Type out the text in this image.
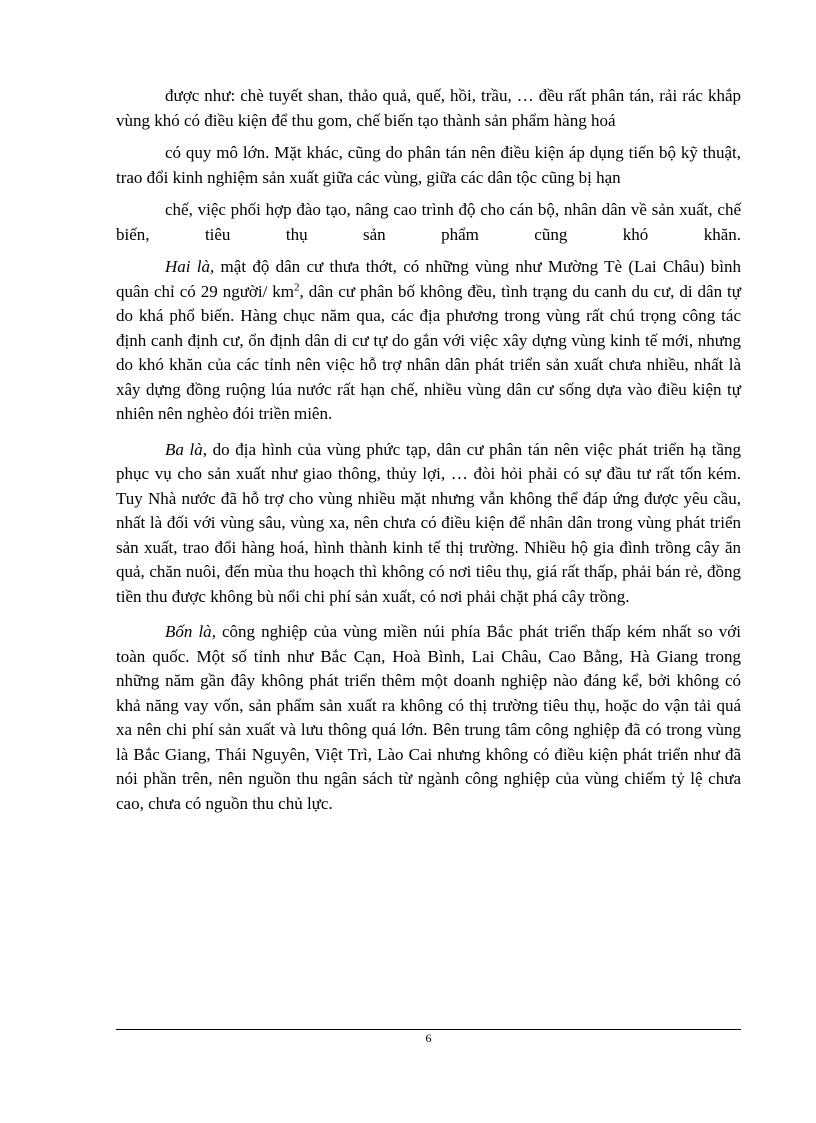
được như: chè tuyết shan, thảo quả, quế, hồi, trầu, … đều rất phân tán, rải rác khắp vùng khó có điều kiện để thu gom, chế biến tạo thành sản phẩm hàng hoá

có quy mô lớn. Mặt khác, cũng do phân tán nên điều kiện áp dụng tiến bộ kỹ thuật, trao đổi kinh nghiệm sản xuất giữa các vùng, giữa các dân tộc cũng bị hạn

chế, việc phối hợp đào tạo, nâng cao trình độ cho cán bộ, nhân dân về sản xuất, chế biến, tiêu thụ sản phẩm cũng khó khăn.

Hai là, mật độ dân cư thưa thớt, có những vùng như Mường Tè (Lai Châu) bình quân chỉ có 29 người/ $km^2$, dân cư phân bố không đều, tình trạng du canh du cư, di dân tự do khá phổ biến. Hàng chục năm qua, các địa phương trong vùng rất chú trọng công tác định canh định cư, ổn định dân di cư tự do gắn với việc xây dựng vùng kinh tế mới, nhưng do khó khăn của các tỉnh nên việc hỗ trợ nhân dân phát triển sản xuất chưa nhiều, nhất là xây dựng đồng ruộng lúa nước rất hạn chế, nhiều vùng dân cư sống dựa vào điều kiện tự nhiên nên nghèo đói triền miên.

Ba là, do địa hình của vùng phức tạp, dân cư phân tán nên việc phát triển hạ tầng phục vụ cho sản xuất như giao thông, thủy lợi, … đòi hỏi phải có sự đầu tư rất tốn kém. Tuy Nhà nước đã hỗ trợ cho vùng nhiều mặt nhưng vẫn không thể đáp ứng được yêu cầu, nhất là đối với vùng sâu, vùng xa, nên chưa có điều kiện để nhân dân trong vùng phát triển sản xuất, trao đổi hàng hoá, hình thành kinh tế thị trường. Nhiều hộ gia đình trồng cây ăn quả, chăn nuôi, đến mùa thu hoạch thì không có nơi tiêu thụ, giá rất thấp, phải bán rẻ, đồng tiền thu được không bù nổi chi phí sản xuất, có nơi phải chặt phá cây trồng.

Bốn là, công nghiệp của vùng miền núi phía Bắc phát triển thấp kém nhất so với toàn quốc. Một số tỉnh như Bắc Cạn, Hoà Bình, Lai Châu, Cao Bằng, Hà Giang trong những năm gần đây không phát triển thêm một doanh nghiệp nào đáng kể, bởi không có khả năng vay vốn, sản phẩm sản xuất ra không có thị trường tiêu thụ, hoặc do vận tải quá xa nên chi phí sản xuất và lưu thông quá lớn. Bên trung tâm công nghiệp đã có trong vùng là Bắc Giang, Thái Nguyên, Việt Trì, Lào Cai nhưng không có điều kiện phát triển như đã nói phần trên, nên nguồn thu ngân sách từ ngành công nghiệp của vùng chiếm tỷ lệ chưa cao, chưa có nguồn thu chủ lực.

6
